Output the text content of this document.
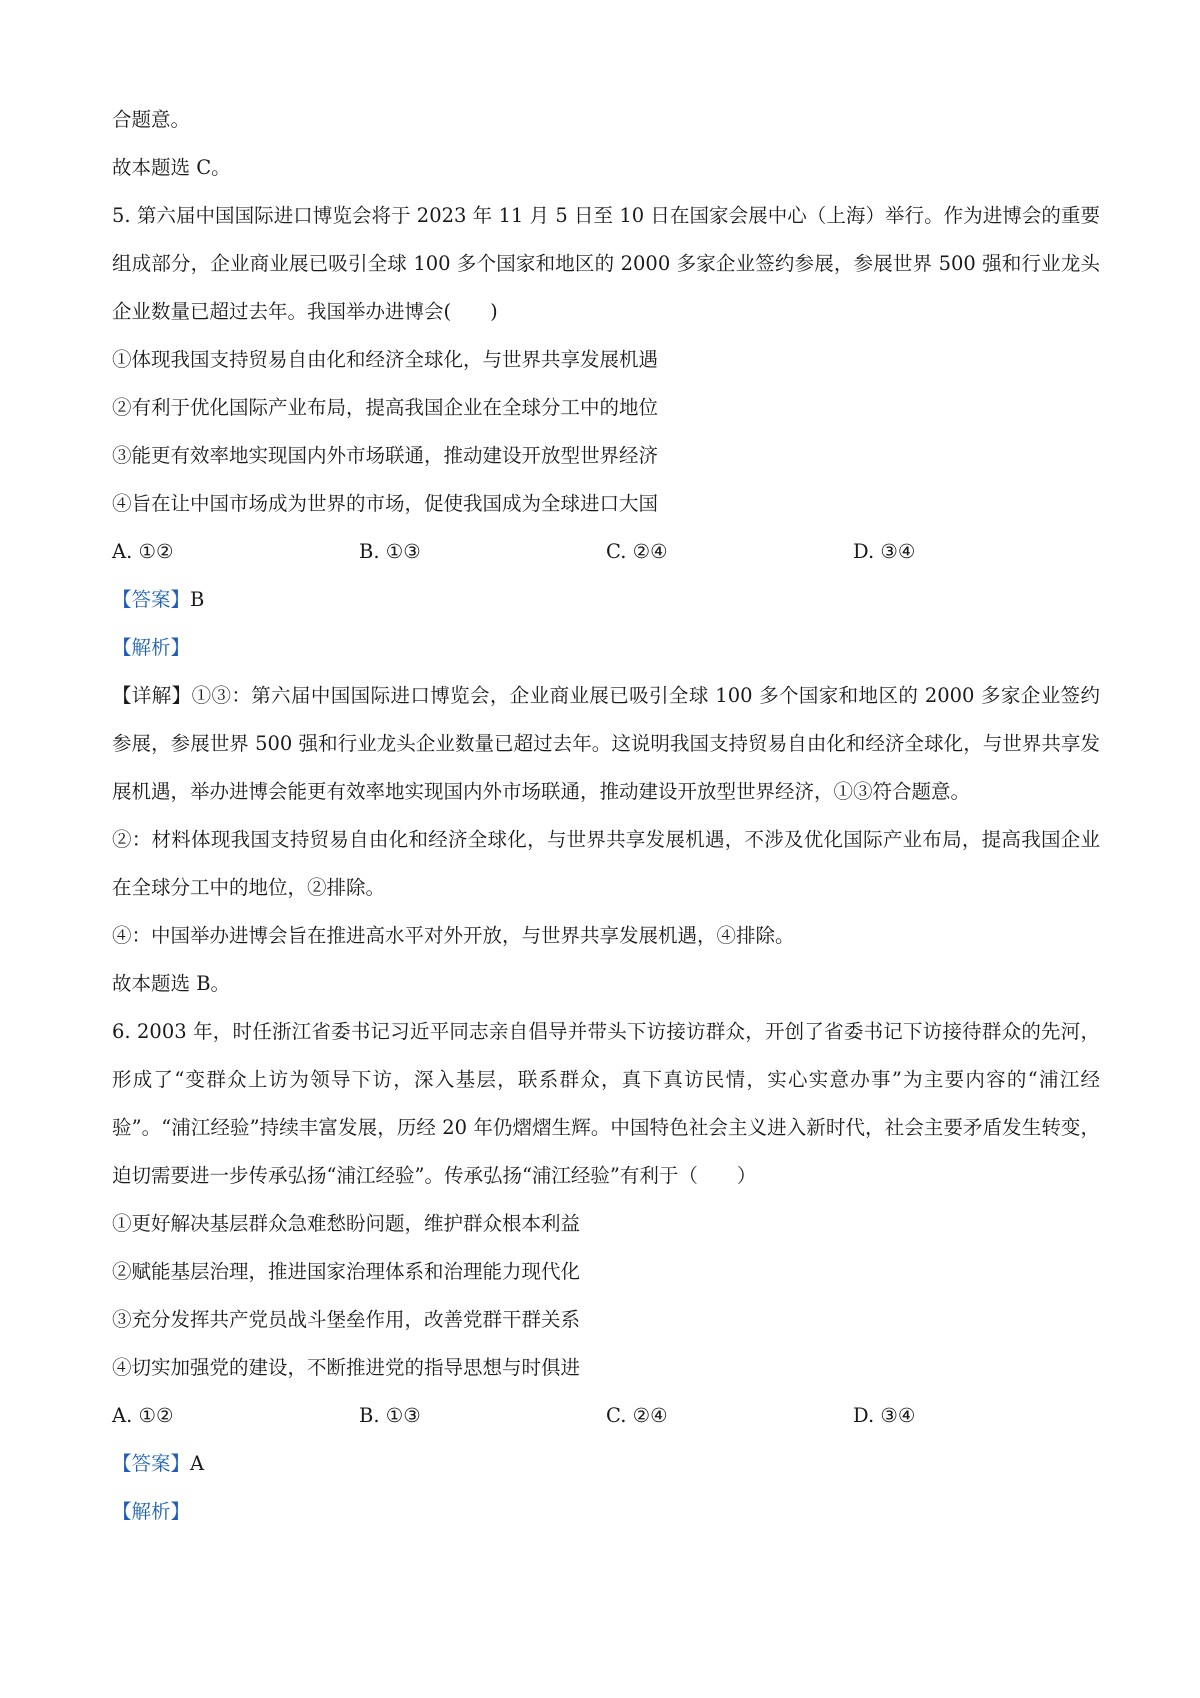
合题意。
故本题选 C。
5. 第六届中国国际进口博览会将于 2023 年 11 月 5 日至 10 日在国家会展中心（上海）举行。作为进博会的重要组成部分，企业商业展已吸引全球 100 多个国家和地区的 2000 多家企业签约参展，参展世界 500 强和行业龙头企业数量已超过去年。我国举办进博会(　　)
①体现我国支持贸易自由化和经济全球化，与世界共享发展机遇
②有利于优化国际产业布局，提高我国企业在全球分工中的地位
③能更有效率地实现国内外市场联通，推动建设开放型世界经济
④旨在让中国市场成为世界的市场，促使我国成为全球进口大国
A. ①②	B. ①③	C. ②④	D. ③④
【答案】B
【解析】
【详解】①③：第六届中国国际进口博览会，企业商业展已吸引全球 100 多个国家和地区的 2000 多家企业签约参展，参展世界 500 强和行业龙头企业数量已超过去年。这说明我国支持贸易自由化和经济全球化，与世界共享发展机遇，举办进博会能更有效率地实现国内外市场联通，推动建设开放型世界经济，①③符合题意。
②：材料体现我国支持贸易自由化和经济全球化，与世界共享发展机遇，不涉及优化国际产业布局，提高我国企业在全球分工中的地位，②排除。
④：中国举办进博会旨在推进高水平对外开放，与世界共享发展机遇，④排除。
故本题选 B。
6. 2003 年，时任浙江省委书记习近平同志亲自倡导并带头下访接访群众，开创了省委书记下访接待群众的先河，形成了“变群众上访为领导下访，深入基层，联系群众，真下真访民情，实心实意办事”为主要内容的“浦江经验”。“浦江经验”持续丰富发展，历经 20 年仍熠熠生辉。中国特色社会主义进入新时代，社会主要矛盾发生转变，迫切需要进一步传承弘扬“浦江经验”。传承弘扬“浦江经验”有利于（　　）
①更好解决基层群众急难愁盼问题，维护群众根本利益
②赋能基层治理，推进国家治理体系和治理能力现代化
③充分发挥共产党员战斗堡垒作用，改善党群干群关系
④切实加强党的建设，不断推进党的指导思想与时俱进
A. ①②	B. ①③	C. ②④	D. ③④
【答案】A
【解析】
